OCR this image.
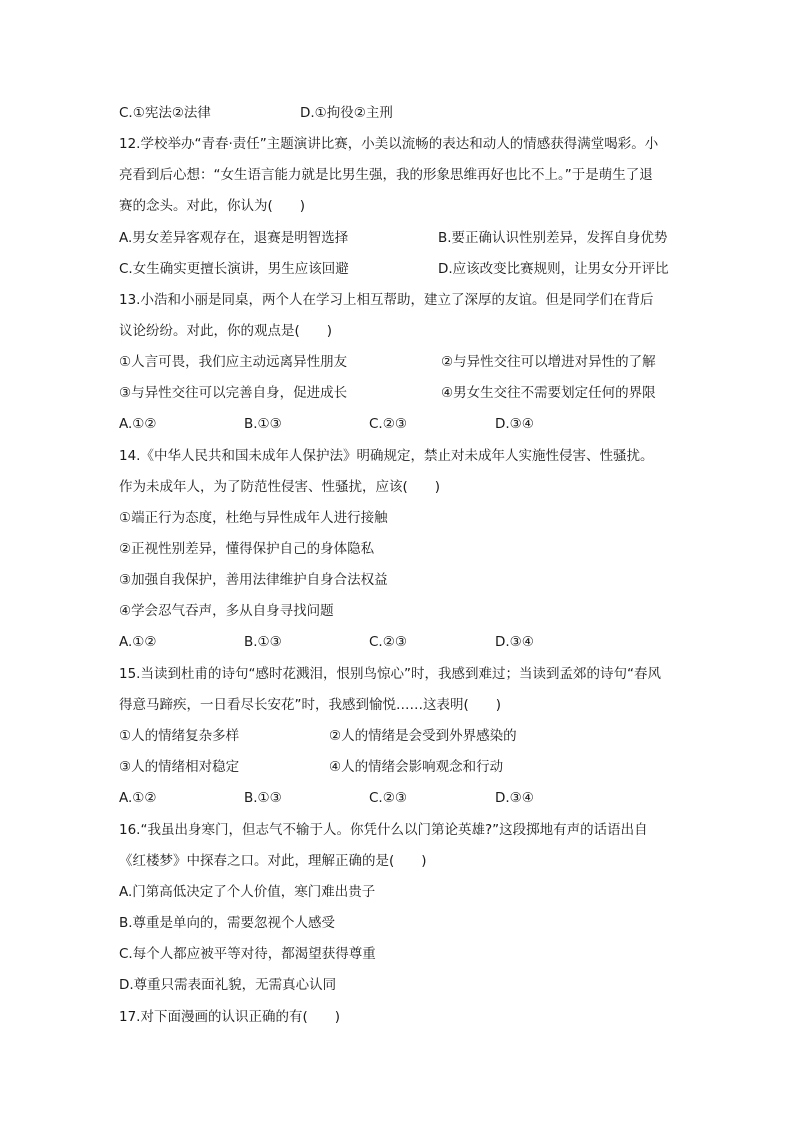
C.①宪法②法律	D.①拘役②主刑
12.学校举办“青春·责任”主题演讲比赛，小美以流畅的表达和动人的情感获得满堂喝彩。小
亮看到后心想：“女生语言能力就是比男生强，我的形象思维再好也比不上。”于是萌生了退
赛的念头。对此，你认为(　　)
A.男女差异客观存在，退赛是明智选择	B.要正确认识性别差异，发挥自身优势
C.女生确实更擅长演讲，男生应该回避	D.应该改变比赛规则，让男女分开评比
13.小浩和小丽是同桌，两个人在学习上相互帮助，建立了深厚的友谊。但是同学们在背后
议论纷纷。对此，你的观点是(　　)
①人言可畏，我们应主动远离异性朋友	②与异性交往可以增进对异性的了解
③与异性交往可以完善自身，促进成长	④男女生交往不需要划定任何的界限
A.①②	B.①③	C.②③	D.③④
14.《中华人民共和国未成年人保护法》明确规定，禁止对未成年人实施性侵害、性骚扰。
作为未成年人，为了防范性侵害、性骚扰，应该(　　)
①端正行为态度，杜绝与异性成年人进行接触
②正视性别差异，懂得保护自己的身体隐私
③加强自我保护，善用法律维护自身合法权益
④学会忍气吞声，多从自身寻找问题
A.①②	B.①③	C.②③	D.③④
15.当读到杜甫的诗句“感时花溅泪，恨别鸟惊心”时，我感到难过；当读到孟郊的诗句“春风
得意马蹄疾，一日看尽长安花”时，我感到愉悦……这表明(　　)
①人的情绪复杂多样	②人的情绪是会受到外界感染的
③人的情绪相对稳定	④人的情绪会影响观念和行动
A.①②	B.①③	C.②③	D.③④
16.“我虽出身寒门，但志气不输于人。你凭什么以门第论英雄?”这段掷地有声的话语出自
《红楼梦》中探春之口。对此，理解正确的是(　　)
A.门第高低决定了个人价值，寒门难出贵子
B.尊重是单向的，需要忽视个人感受
C.每个人都应被平等对待，都渴望获得尊重
D.尊重只需表面礼貌，无需真心认同
17.对下面漫画的认识正确的有(　　)
